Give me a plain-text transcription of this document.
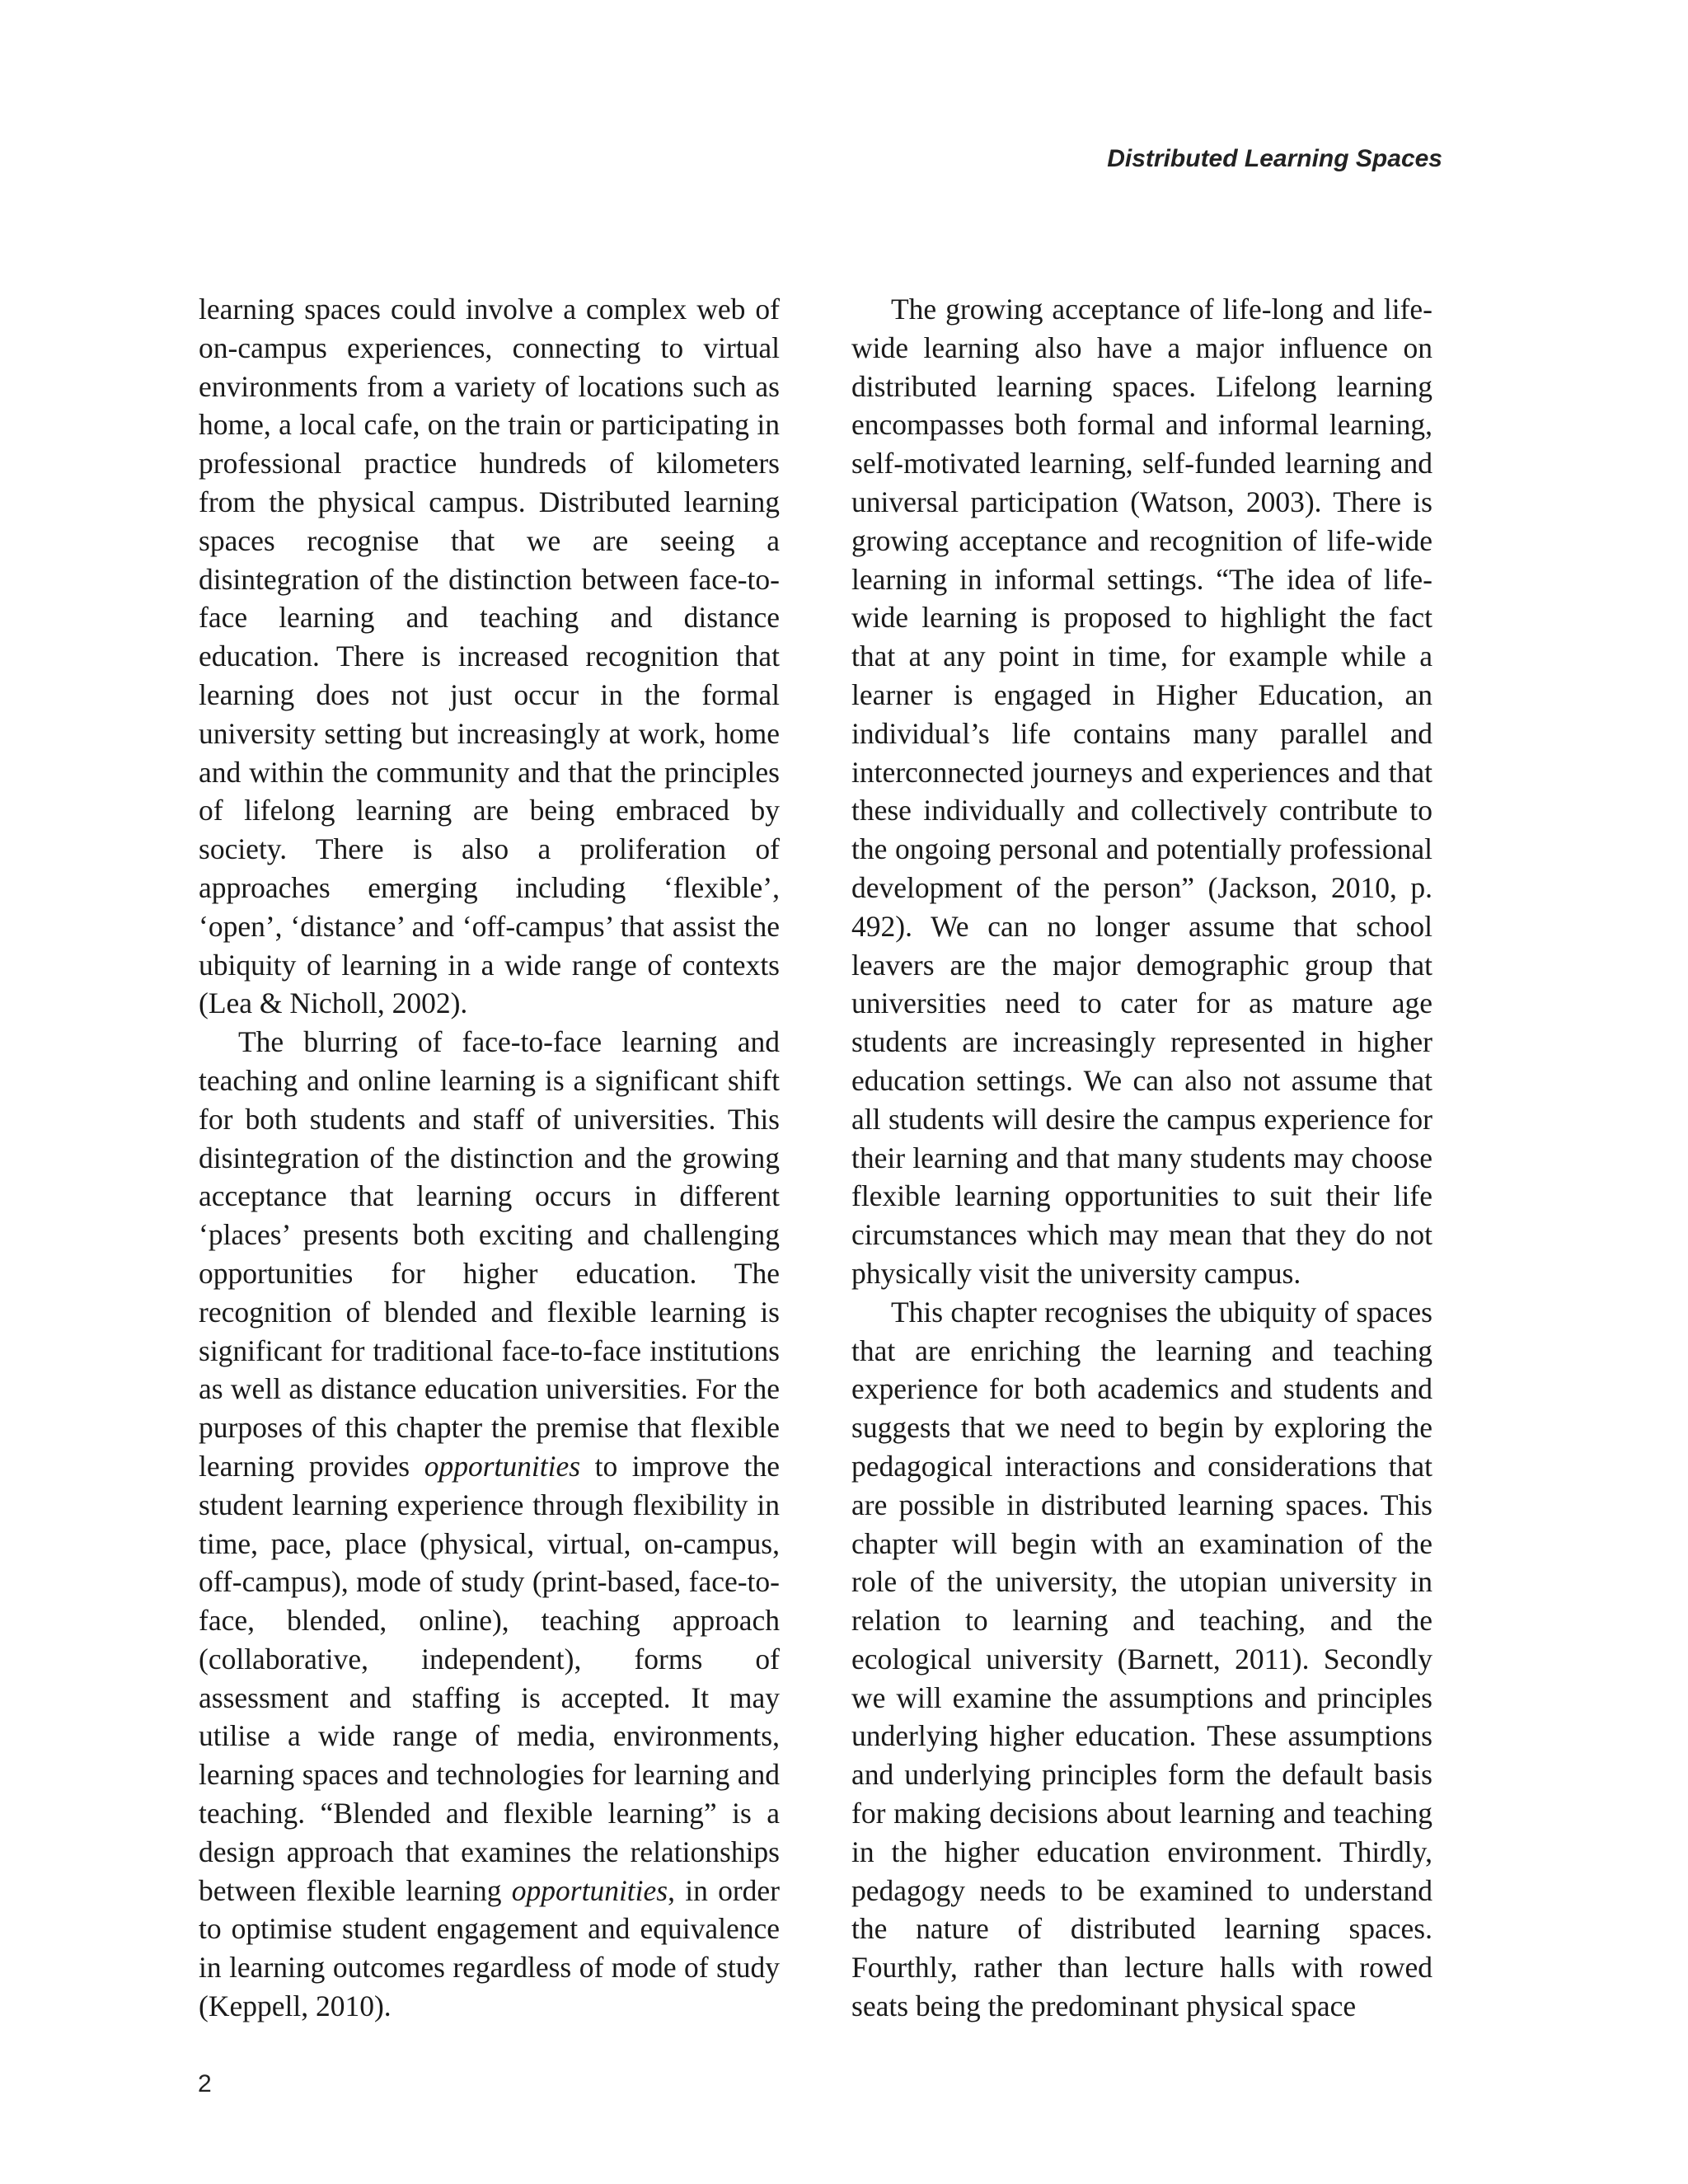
Distributed Learning Spaces

learning spaces could involve a complex web of on-campus experiences, connecting to virtual environments from a variety of locations such as home, a local cafe, on the train or participating in professional practice hundreds of kilometers from the physical campus. Distributed learning spaces recognise that we are seeing a disintegration of the distinction between face-to-face learning and teaching and distance education. There is increased recognition that learning does not just occur in the formal university setting but increasingly at work, home and within the community and that the principles of lifelong learning are being embraced by society. There is also a proliferation of approaches emerging including ‘flexible’, ‘open’, ‘distance’ and ‘off-campus’ that assist the ubiquity of learning in a wide range of contexts (Lea & Nicholl, 2002).

The blurring of face-to-face learning and teaching and online learning is a significant shift for both students and staff of universities. This disintegration of the distinction and the growing acceptance that learning occurs in different ‘places’ presents both exciting and challenging opportunities for higher education. The recognition of blended and flexible learning is significant for traditional face-to-face institutions as well as distance education universities. For the purposes of this chapter the premise that flexible learning provides opportunities to improve the student learning experience through flexibility in time, pace, place (physical, virtual, on-campus, off-campus), mode of study (print-based, face-to-face, blended, online), teaching approach (collaborative, independent), forms of assessment and staffing is accepted. It may utilise a wide range of media, environments, learning spaces and technologies for learning and teaching. “Blended and flexible learning” is a design approach that examines the relationships between flexible learning opportunities, in order to optimise student engagement and equivalence in learning outcomes regardless of mode of study (Keppell, 2010).

The growing acceptance of life-long and life-wide learning also have a major influence on distributed learning spaces. Lifelong learning encompasses both formal and informal learning, self-motivated learning, self-funded learning and universal participation (Watson, 2003). There is growing acceptance and recognition of life-wide learning in informal settings. “The idea of life-wide learning is proposed to highlight the fact that at any point in time, for example while a learner is engaged in Higher Education, an individual’s life contains many parallel and interconnected journeys and experiences and that these individually and collectively contribute to the ongoing personal and potentially professional development of the person” (Jackson, 2010, p. 492). We can no longer assume that school leavers are the major demographic group that universities need to cater for as mature age students are increasingly represented in higher education settings. We can also not assume that all students will desire the campus experience for their learning and that many students may choose flexible learning opportunities to suit their life circumstances which may mean that they do not physically visit the university campus.

This chapter recognises the ubiquity of spaces that are enriching the learning and teaching experience for both academics and students and suggests that we need to begin by exploring the pedagogical interactions and considerations that are possible in distributed learning spaces. This chapter will begin with an examination of the role of the university, the utopian university in relation to learning and teaching, and the ecological university (Barnett, 2011). Secondly we will examine the assumptions and principles underlying higher education. These assumptions and underlying principles form the default basis for making decisions about learning and teaching in the higher education environment. Thirdly, pedagogy needs to be examined to understand the nature of distributed learning spaces. Fourthly, rather than lecture halls with rowed seats being the predominant physical space

2
